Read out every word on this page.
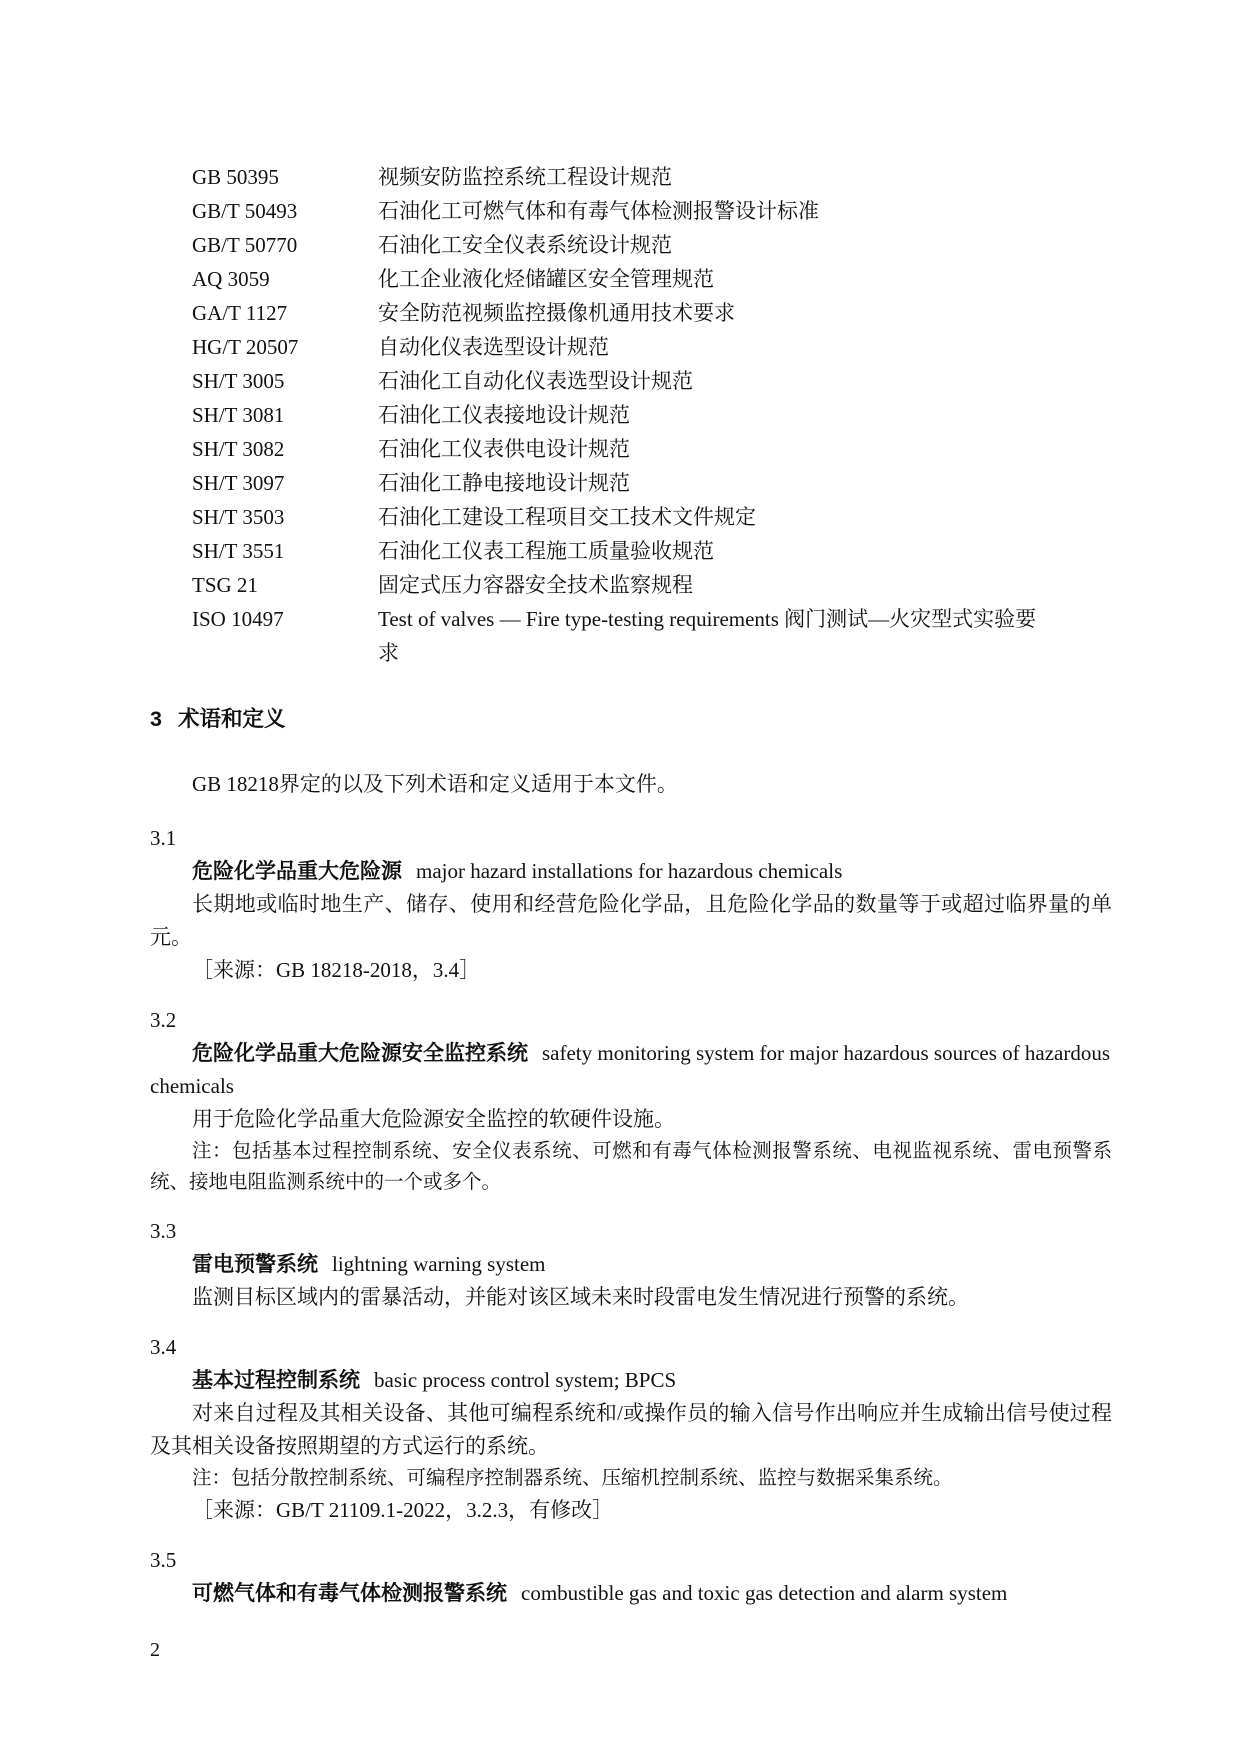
GB 50395	视频安防监控系统工程设计规范
GB/T 50493	石油化工可燃气体和有毒气体检测报警设计标准
GB/T 50770	石油化工安全仪表系统设计规范
AQ 3059	化工企业液化烃储罐区安全管理规范
GA/T 1127	安全防范视频监控摄像机通用技术要求
HG/T 20507	自动化仪表选型设计规范
SH/T 3005	石油化工自动化仪表选型设计规范
SH/T 3081	石油化工仪表接地设计规范
SH/T 3082	石油化工仪表供电设计规范
SH/T 3097	石油化工静电接地设计规范
SH/T 3503	石油化工建设工程项目交工技术文件规定
SH/T 3551	石油化工仪表工程施工质量验收规范
TSG 21	固定式压力容器安全技术监察规程
ISO 10497	Test of valves — Fire type-testing requirements 阀门测试—火灾型式实验要求
3 术语和定义
GB 18218界定的以及下列术语和定义适用于本文件。
3.1
危险化学品重大危险源 major hazard installations for hazardous chemicals
长期地或临时地生产、储存、使用和经营危险化学品，且危险化学品的数量等于或超过临界量的单元。
［来源：GB 18218-2018，3.4］
3.2
危险化学品重大危险源安全监控系统 safety monitoring system for major hazardous sources of hazardous chemicals
用于危险化学品重大危险源安全监控的软硬件设施。
注：包括基本过程控制系统、安全仪表系统、可燃和有毒气体检测报警系统、电视监视系统、雷电预警系统、接地电阻监测系统中的一个或多个。
3.3
雷电预警系统 lightning warning system
监测目标区域内的雷暴活动，并能对该区域未来时段雷电发生情况进行预警的系统。
3.4
基本过程控制系统 basic process control system; BPCS
对来自过程及其相关设备、其他可编程系统和/或操作员的输入信号作出响应并生成输出信号使过程及其相关设备按照期望的方式运行的系统。
注：包括分散控制系统、可编程序控制器系统、压缩机控制系统、监控与数据采集系统。
［来源：GB/T 21109.1-2022，3.2.3，有修改］
3.5
可燃气体和有毒气体检测报警系统 combustible gas and toxic gas detection and alarm system
2
